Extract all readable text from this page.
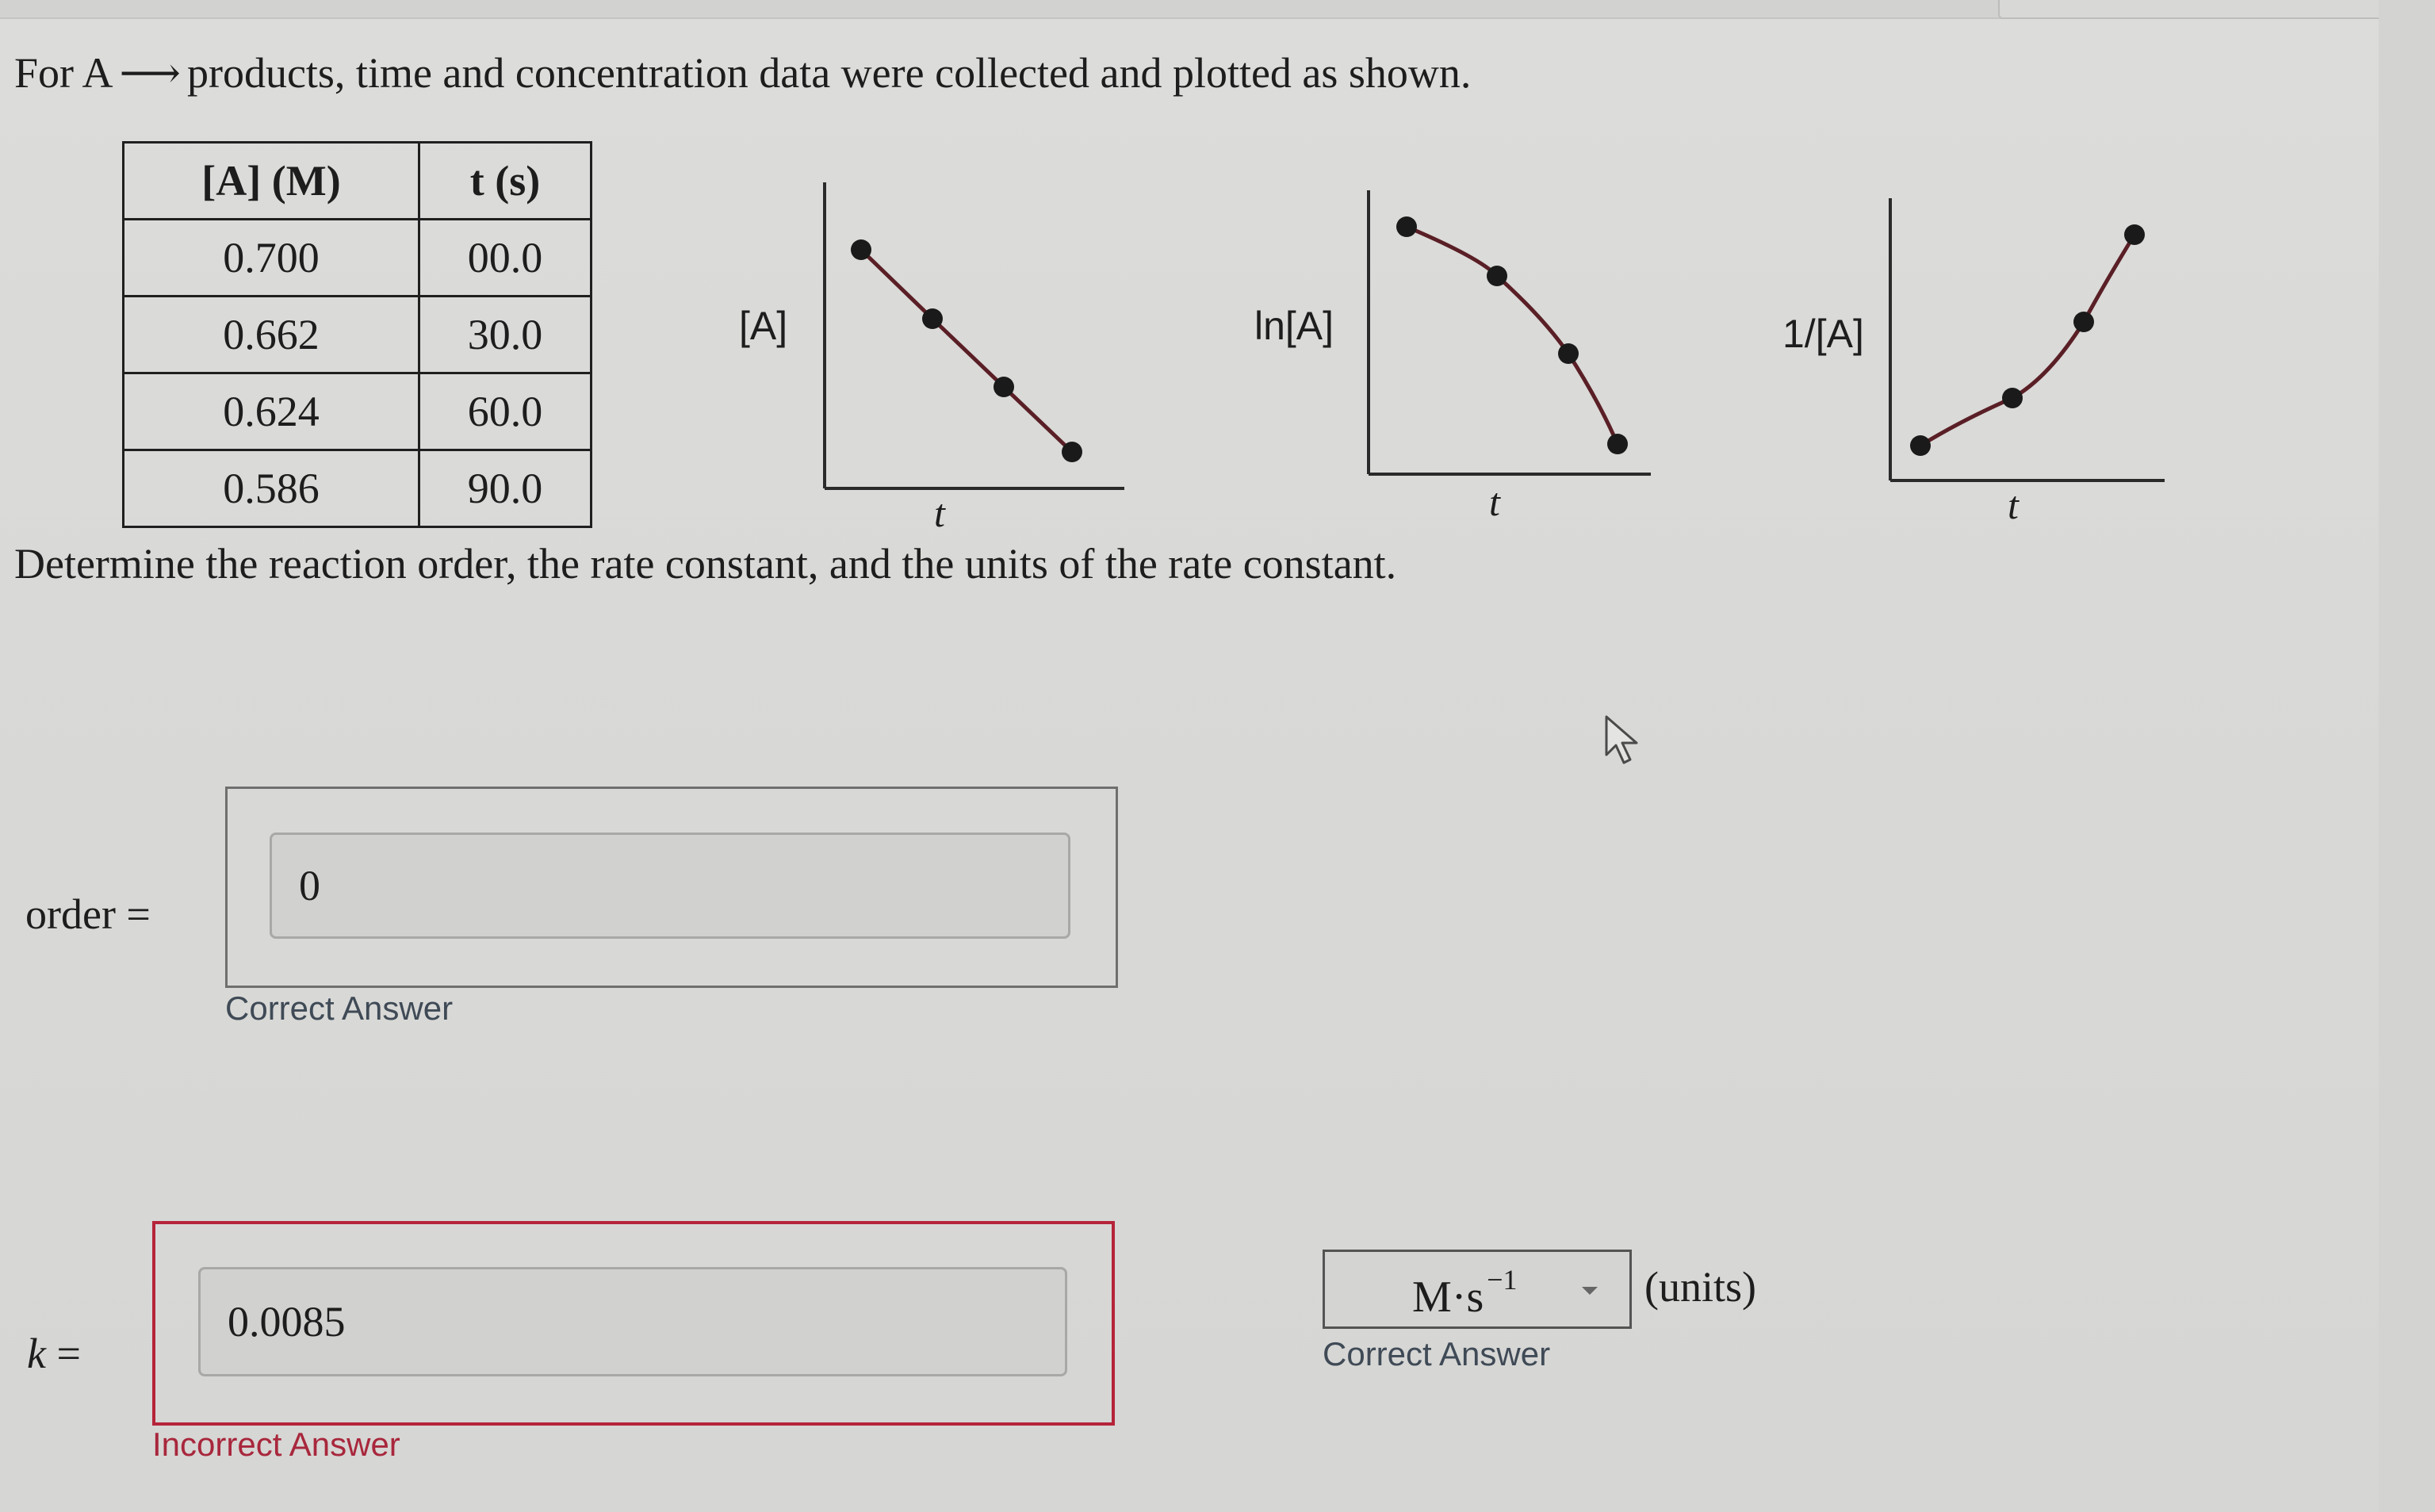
For A ⟶ products, time and concentration data were collected and plotted as shown.
[A] (M)	t (s)
0.700	00.0
0.662	30.0
0.624	60.0
0.586	90.0
[A]
t
ln[A]
t
1/[A]
t
Determine the reaction order, the rate constant, and the units of the rate constant.
order =
0
Correct Answer
k =
0.0085
Incorrect Answer
M·s $^{-1}$	(units)
Correct Answer
